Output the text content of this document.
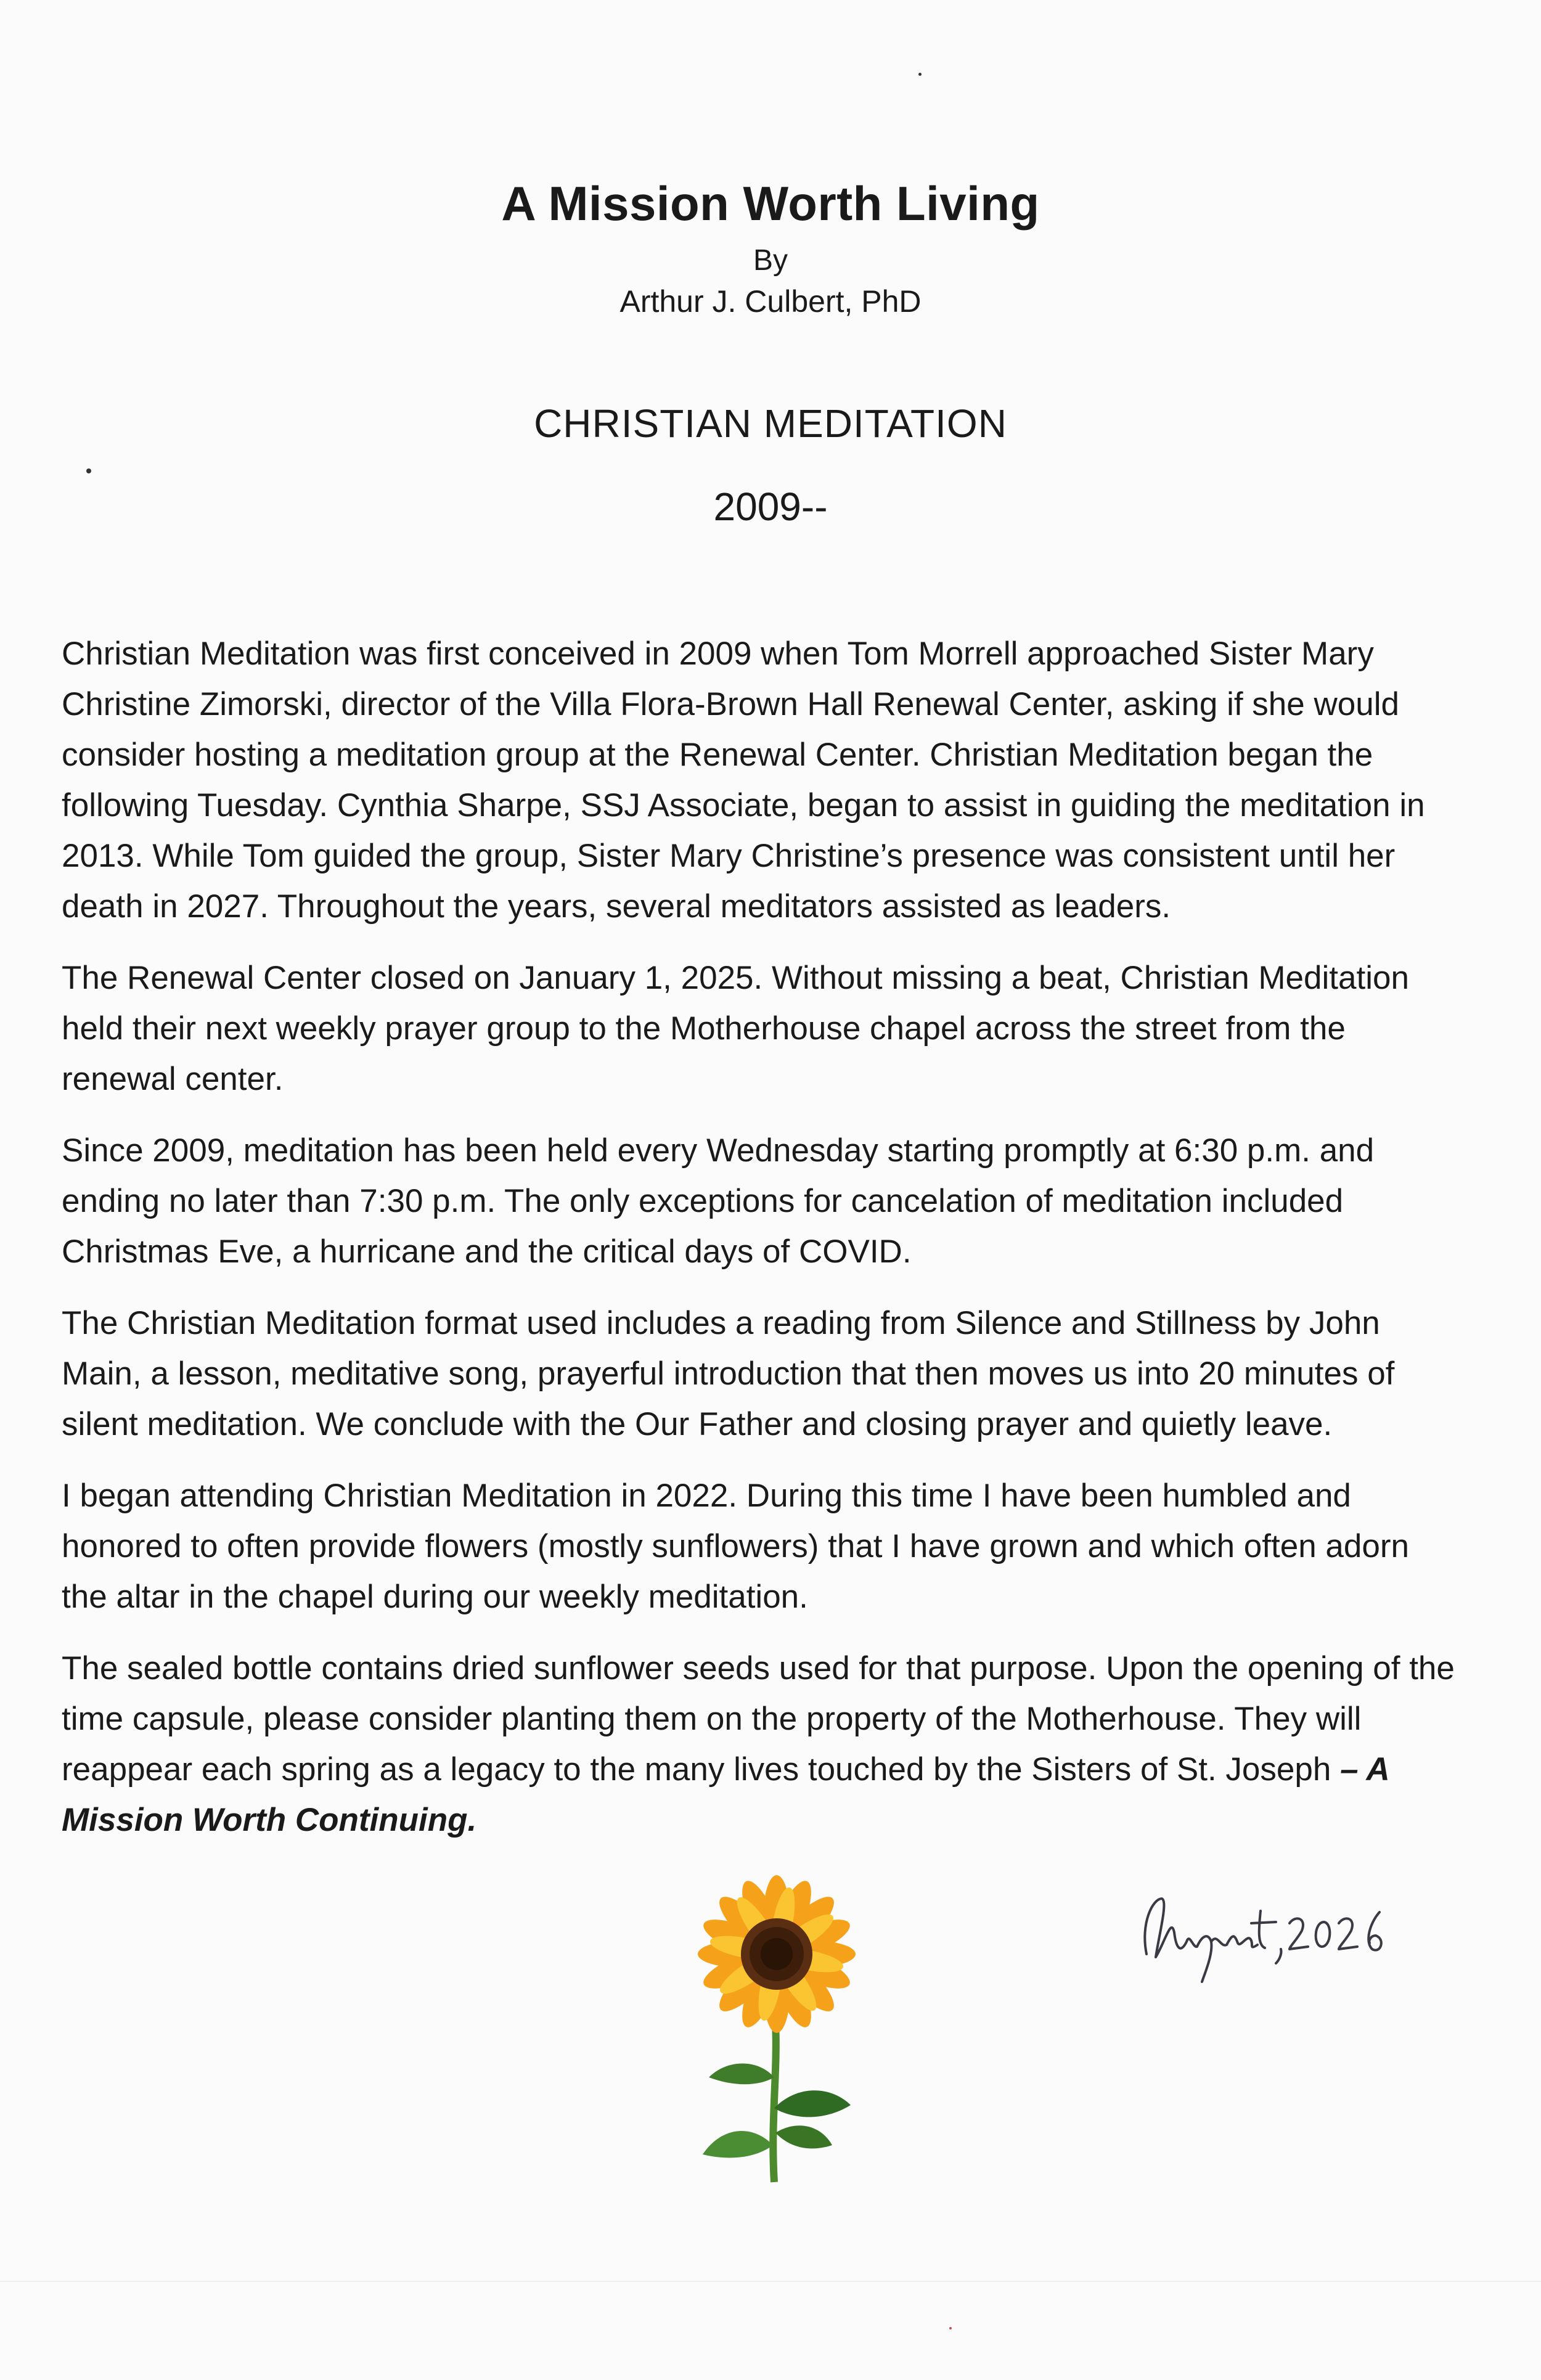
A Mission Worth Living
By
Arthur J. Culbert, PhD
CHRISTIAN MEDITATION
2009--

Christian Meditation was first conceived in 2009 when Tom Morrell approached Sister Mary Christine Zimorski, director of the Villa Flora-Brown Hall Renewal Center, asking if she would consider hosting a meditation group at the Renewal Center. Christian Meditation began the following Tuesday. Cynthia Sharpe, SSJ Associate, began to assist in guiding the meditation in 2013. While Tom guided the group, Sister Mary Christine’s presence was consistent until her death in 2027. Throughout the years, several meditators assisted as leaders.

The Renewal Center closed on January 1, 2025. Without missing a beat, Christian Meditation held their next weekly prayer group to the Motherhouse chapel across the street from the renewal center.

Since 2009, meditation has been held every Wednesday starting promptly at 6:30 p.m. and ending no later than 7:30 p.m. The only exceptions for cancelation of meditation included Christmas Eve, a hurricane and the critical days of COVID.

The Christian Meditation format used includes a reading from Silence and Stillness by John Main, a lesson, meditative song, prayerful introduction that then moves us into 20 minutes of silent meditation. We conclude with the Our Father and closing prayer and quietly leave.

I began attending Christian Meditation in 2022. During this time I have been humbled and honored to often provide flowers (mostly sunflowers) that I have grown and which often adorn the altar in the chapel during our weekly meditation.

The sealed bottle contains dried sunflower seeds used for that purpose. Upon the opening of the time capsule, please consider planting them on the property of the Motherhouse. They will reappear each spring as a legacy to the many lives touched by the Sisters of St. Joseph – A Mission Worth Continuing.
